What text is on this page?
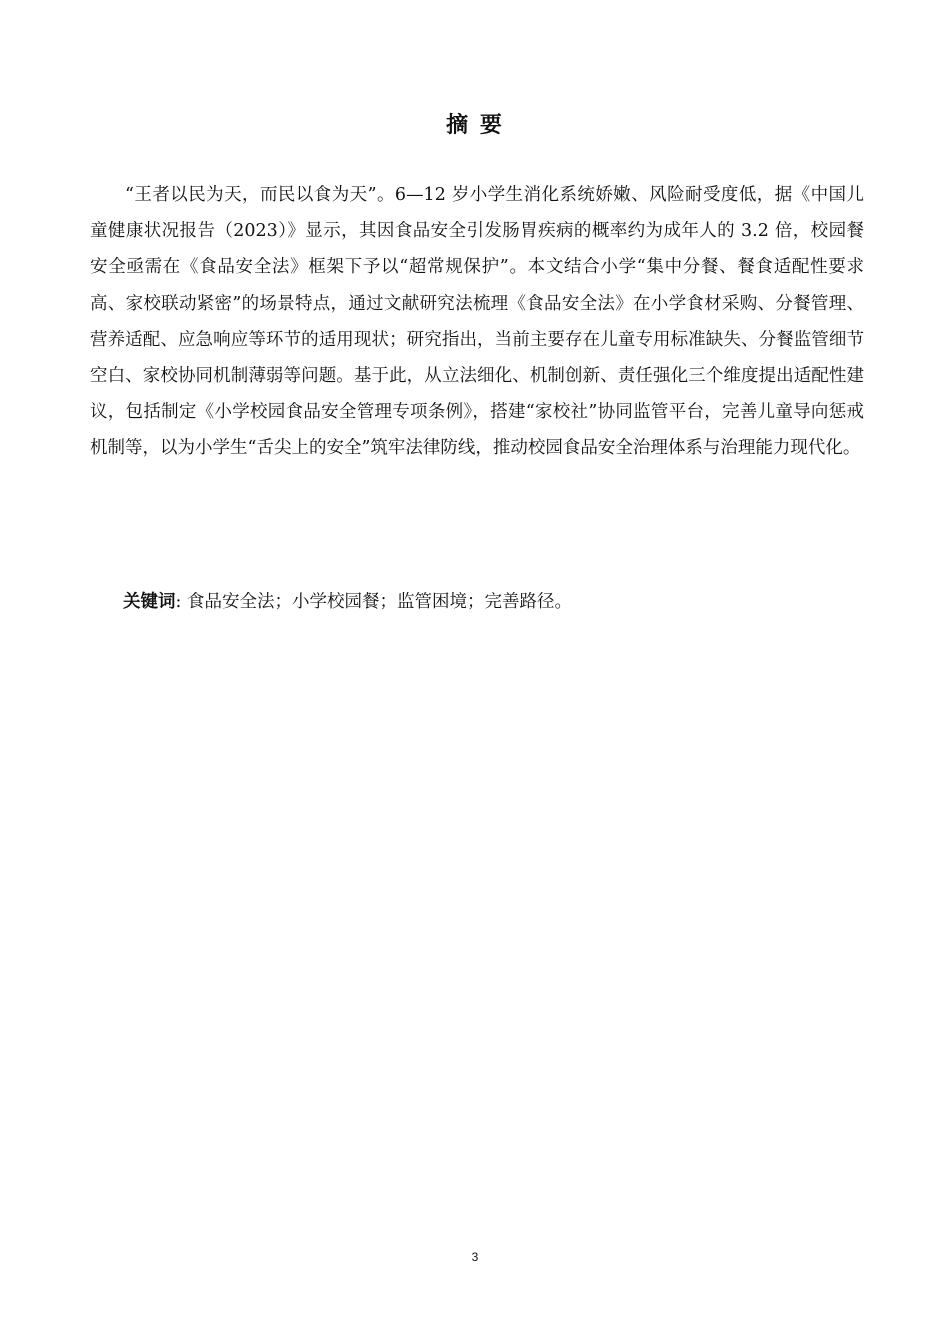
摘 要

“王者以民为天，而民以食为天”。6—12 岁小学生消化系统娇嫩、风险耐受度低，据《中国儿童健康状况报告（2023）》显示，其因食品安全引发肠胃疾病的概率约为成年人的 3.2 倍，校园餐安全亟需在《食品安全法》框架下予以“超常规保护”。本文结合小学“集中分餐、餐食适配性要求高、家校联动紧密”的场景特点，通过文献研究法梳理《食品安全法》在小学食材采购、分餐管理、营养适配、应急响应等环节的适用现状；研究指出，当前主要存在儿童专用标准缺失、分餐监管细节空白、家校协同机制薄弱等问题。基于此，从立法细化、机制创新、责任强化三个维度提出适配性建议，包括制定《小学校园食品安全管理专项条例》，搭建“家校社”协同监管平台，完善儿童导向惩戒机制等，以为小学生“舌尖上的安全”筑牢法律防线，推动校园食品安全治理体系与治理能力现代化。

关键词: 食品安全法；小学校园餐；监管困境；完善路径。
3
